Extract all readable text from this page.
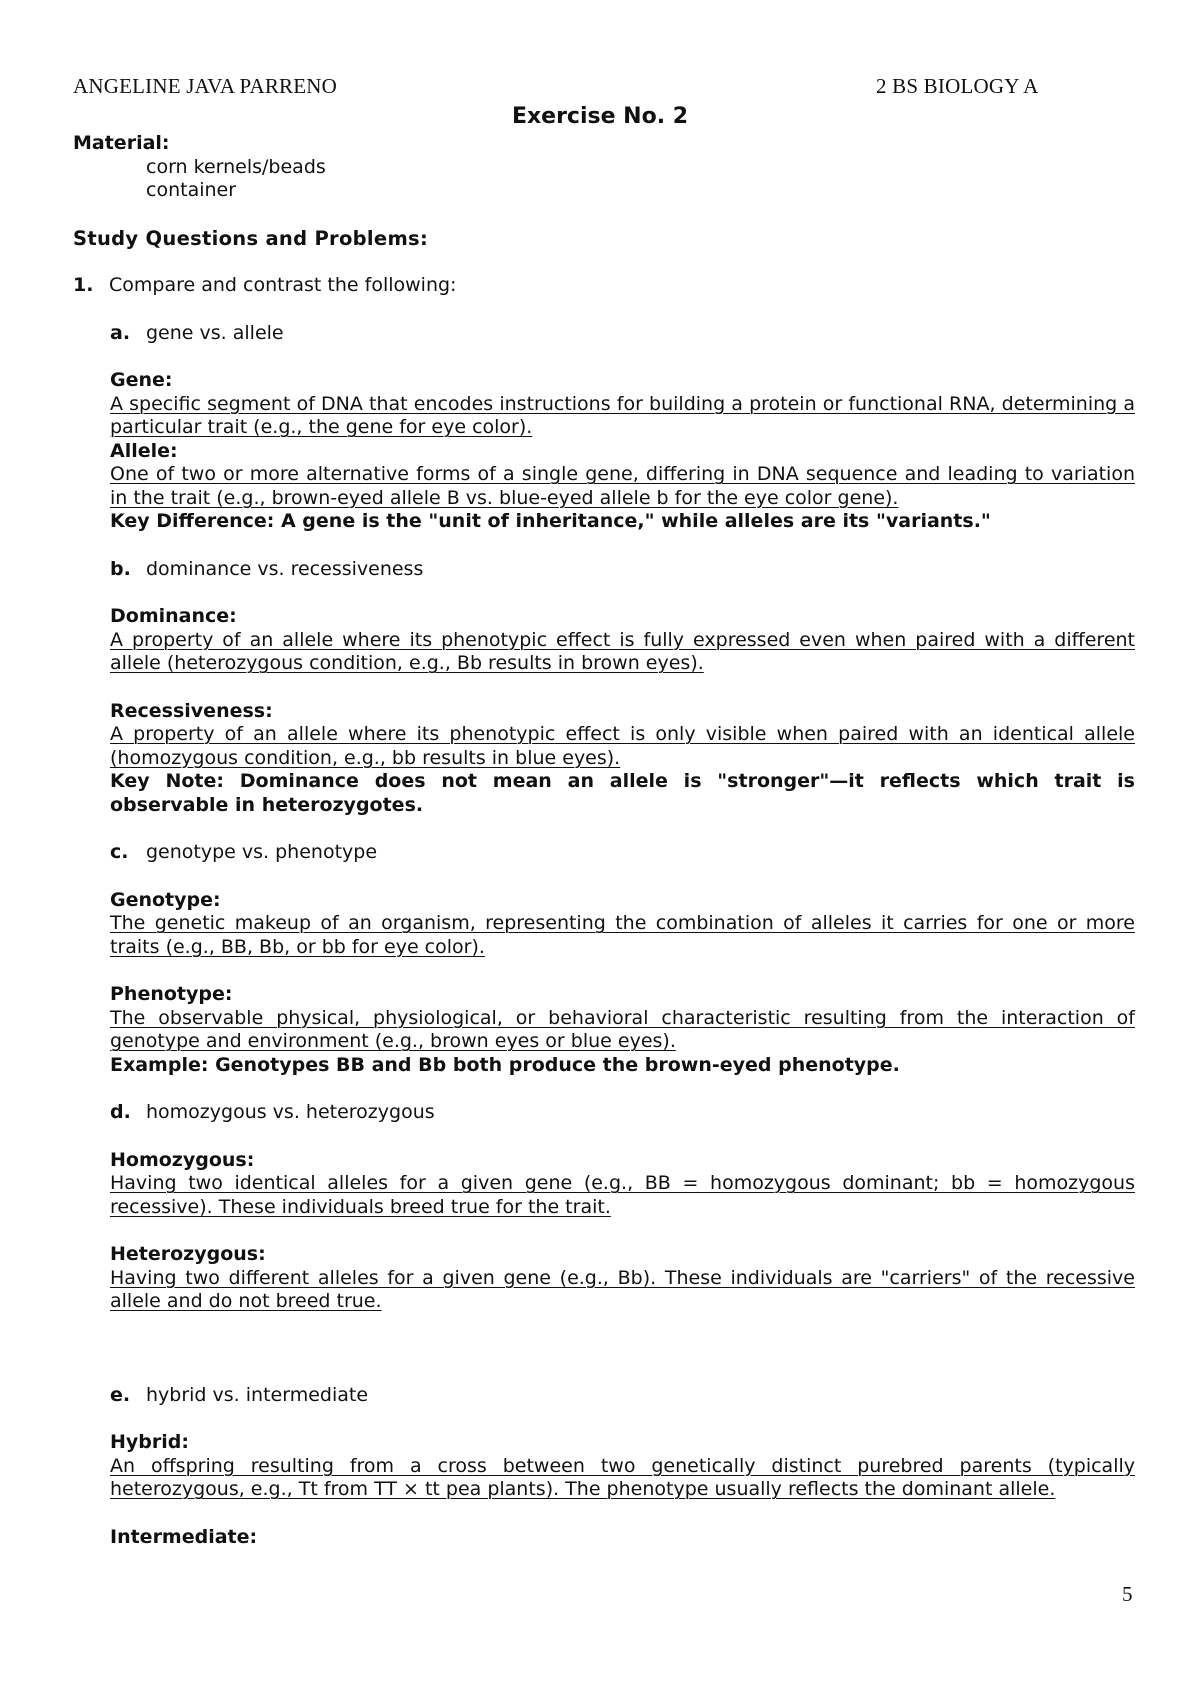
ANGELINE JAVA PARRENO	2 BS BIOLOGY A
Exercise No. 2

Material:

corn kernels/beads

container

Study Questions and Problems:

1. Compare and contrast the following:

a. gene vs. allele

Gene:

A specific segment of DNA that encodes instructions for building a protein or functional RNA, determining a particular trait (e.g., the gene for eye color).

Allele:

One of two or more alternative forms of a single gene, differing in DNA sequence and leading to variation in the trait (e.g., brown-eyed allele B vs. blue-eyed allele b for the eye color gene).

Key Difference: A gene is the "unit of inheritance," while alleles are its "variants."

b. dominance vs. recessiveness

Dominance:

A property of an allele where its phenotypic effect is fully expressed even when paired with a different allele (heterozygous condition, e.g., Bb results in brown eyes).

Recessiveness:

A property of an allele where its phenotypic effect is only visible when paired with an identical allele (homozygous condition, e.g., bb results in blue eyes).

Key Note: Dominance does not mean an allele is "stronger"—it reflects which trait is observable in heterozygotes.

c. genotype vs. phenotype

Genotype:

The genetic makeup of an organism, representing the combination of alleles it carries for one or more traits (e.g., BB, Bb, or bb for eye color).

Phenotype:

The observable physical, physiological, or behavioral characteristic resulting from the interaction of genotype and environment (e.g., brown eyes or blue eyes).

Example: Genotypes BB and Bb both produce the brown-eyed phenotype.

d. homozygous vs. heterozygous

Homozygous:

Having two identical alleles for a given gene (e.g., BB = homozygous dominant; bb = homozygous recessive). These individuals breed true for the trait.

Heterozygous:

Having two different alleles for a given gene (e.g., Bb). These individuals are "carriers" of the recessive allele and do not breed true.

e. hybrid vs. intermediate

Hybrid:

An offspring resulting from a cross between two genetically distinct purebred parents (typically heterozygous, e.g., Tt from TT × tt pea plants). The phenotype usually reflects the dominant allele.

Intermediate:

5
